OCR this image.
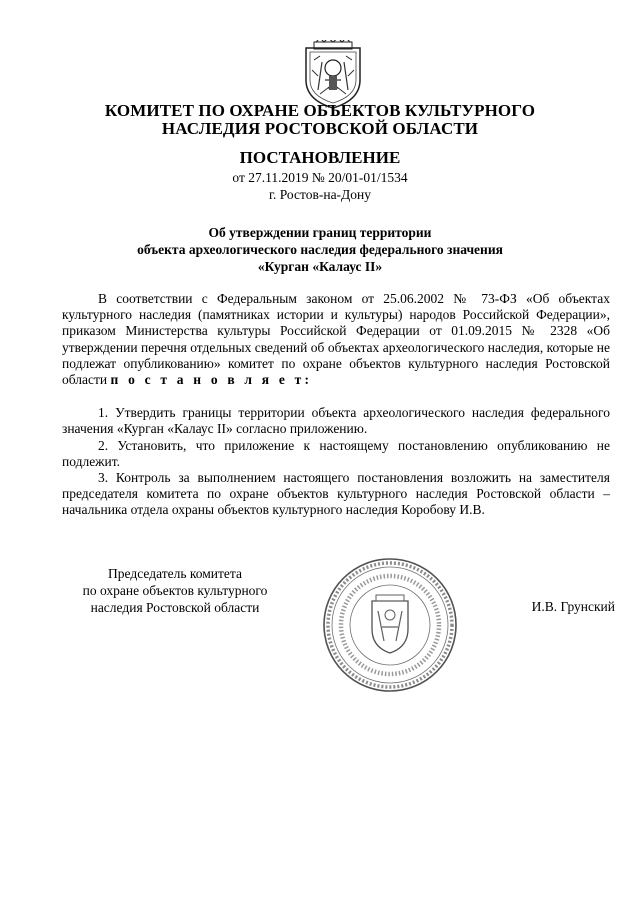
КОМИТЕТ ПО ОХРАНЕ ОБЪЕКТОВ КУЛЬТУРНОГО
НАСЛЕДИЯ РОСТОВСКОЙ ОБЛАСТИ
ПОСТАНОВЛЕНИЕ
от 27.11.2019 № 20/01-01/1534
г. Ростов-на-Дону
Об утверждении границ территории
объекта археологического наследия федерального значения
«Курган «Калаус II»

В соответствии с Федеральным законом от 25.06.2002 № 73-ФЗ «Об объектах культурного наследия (памятниках истории и культуры) народов Российской Федерации», приказом Министерства культуры Российской Федерации от 01.09.2015 № 2328 «Об утверждении перечня отдельных сведений об объектах археологического наследия, которые не подлежат опубликованию» комитет по охране объектов культурного наследия Ростовской области п о с т а н о в л я е т:

1. Утвердить границы территории объекта археологического наследия федерального значения «Курган «Калаус II» согласно приложению.

2. Установить, что приложение к настоящему постановлению опубликованию не подлежит.

3. Контроль за выполнением настоящего постановления возложить на заместителя председателя комитета по охране объектов культурного наследия Ростовской области – начальника отдела охраны объектов культурного наследия Коробову И.В.

Председатель комитета
по охране объектов культурного
наследия Ростовской области	И.В. Грунский
